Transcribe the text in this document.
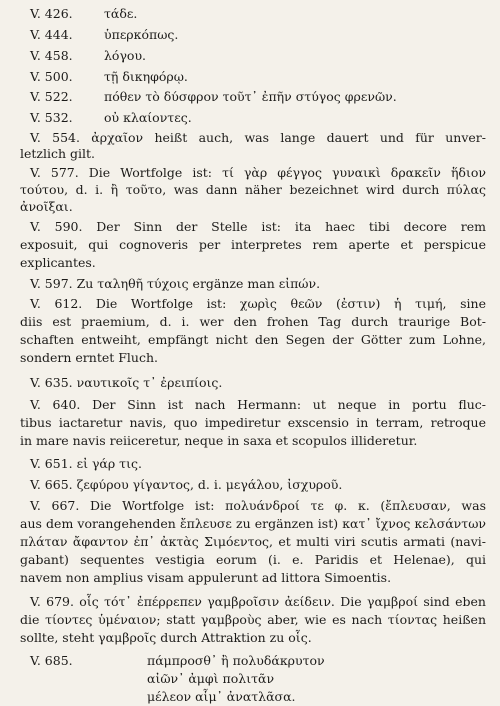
V. 426.	τάδε.
V. 444.	ὑπερκόπως.
V. 458.	λόγου.
V. 500.	τῇ δικηφόρῳ.
V. 522.	πόθεν τὸ δύσφρον τοῦτ᾽ ἐπῆν στύγος φρενῶν.
V. 532.	οὐ κλαίοντες.
V. 554. ἀρχαῖον heißt auch, was lange dauert und für unver-
letzlich gilt.
V. 577. Die Wortfolge ist: τί γὰρ φέγγος γυναικὶ δρακεῖν ἥδιον
τούτου, d. i. ἢ τοῦτο, was dann näher bezeichnet wird durch πύλας
ἀνοῖξαι.
V. 590. Der Sinn der Stelle ist: ita haec tibi decore rem
exposuit, qui cognoveris per interpretes rem aperte et perspicue
explicantes.
V. 597. Zu ταληθῆ τύχοις ergänze man εἰπών.
V. 612. Die Wortfolge ist: χωρὶς θεῶν (ἐστιν) ἡ τιμή, sine
diis est praemium, d. i. wer den frohen Tag durch traurige Bot-
schaften entweiht, empfängt nicht den Segen der Götter zum Lohne,
sondern erntet Fluch.
V. 635. ναυτικοῖς τ᾽ ἐρειπίοις.
V. 640. Der Sinn ist nach Hermann: ut neque in portu fluc-
tibus iactaretur navis, quo impediretur exscensio in terram, retroque
in mare navis reiiceretur, neque in saxa et scopulos illideretur.
V. 651. εἰ γάρ τις.
V. 665. ζεφύρου γίγαντος, d. i. μεγάλου, ἰσχυροῦ.
V. 667. Die Wortfolge ist: πολυάνδροί τε φ. κ. (ἔπλευσαν, was
aus dem vorangehenden ἔπλευσε zu ergänzen ist) κατ᾽ ἴχνος κελσάντων
πλάταν ἄφαντον ἐπ᾽ ἀκτὰς Σιμόεντος, et multi viri scutis armati (navi-
gabant) sequentes vestigia eorum (i. e. Paridis et Helenae), qui
navem non amplius visam appulerunt ad littora Simoentis.
V. 679. οἷς τότ᾽ ἐπέρρεπεν γαμβροῖσιν ἀείδειν. Die γαμβροί sind eben
die τίοντες ὑμέναιον; statt γαμβροὺς aber, wie es nach τίοντας heißen
sollte, steht γαμβροῖς durch Attraktion zu οἷς.
V. 685.	πάμπροσθ᾽ ἢ πολυδάκρυτον
αἰῶν᾽ ἀμφὶ πολιτᾶν
μέλεον αἷμ᾽ ἀνατλᾶσα.
